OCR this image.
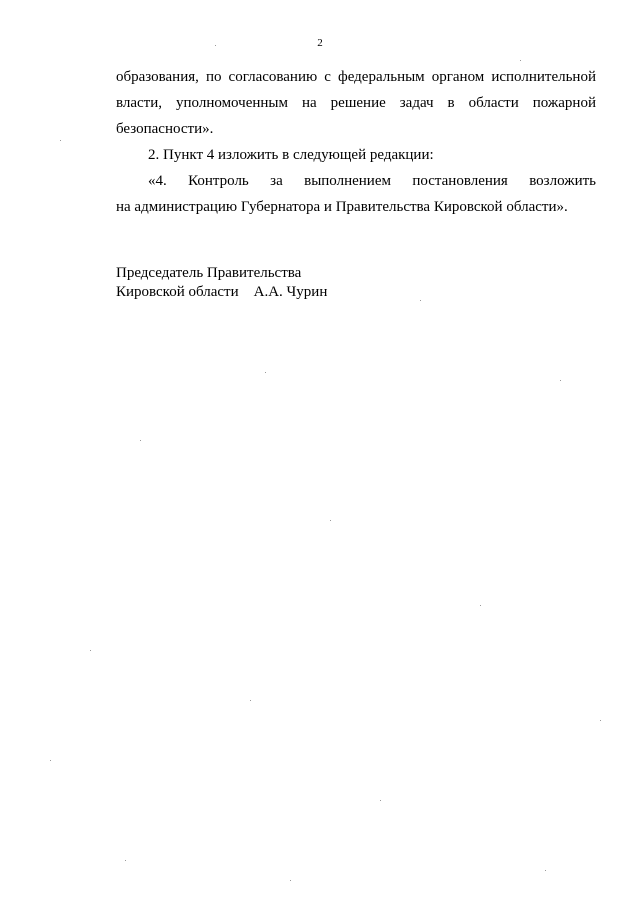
2

образования, по согласованию с федеральным органом исполнительной
власти, уполномоченным на решение задач в области пожарной
безопасности».

2. Пункт 4 изложить в следующей редакции:

«4. Контроль за выполнением постановления возложить
на администрацию Губернатора и Правительства Кировской области».

Председатель Правительства
Кировской области    А.А. Чурин
